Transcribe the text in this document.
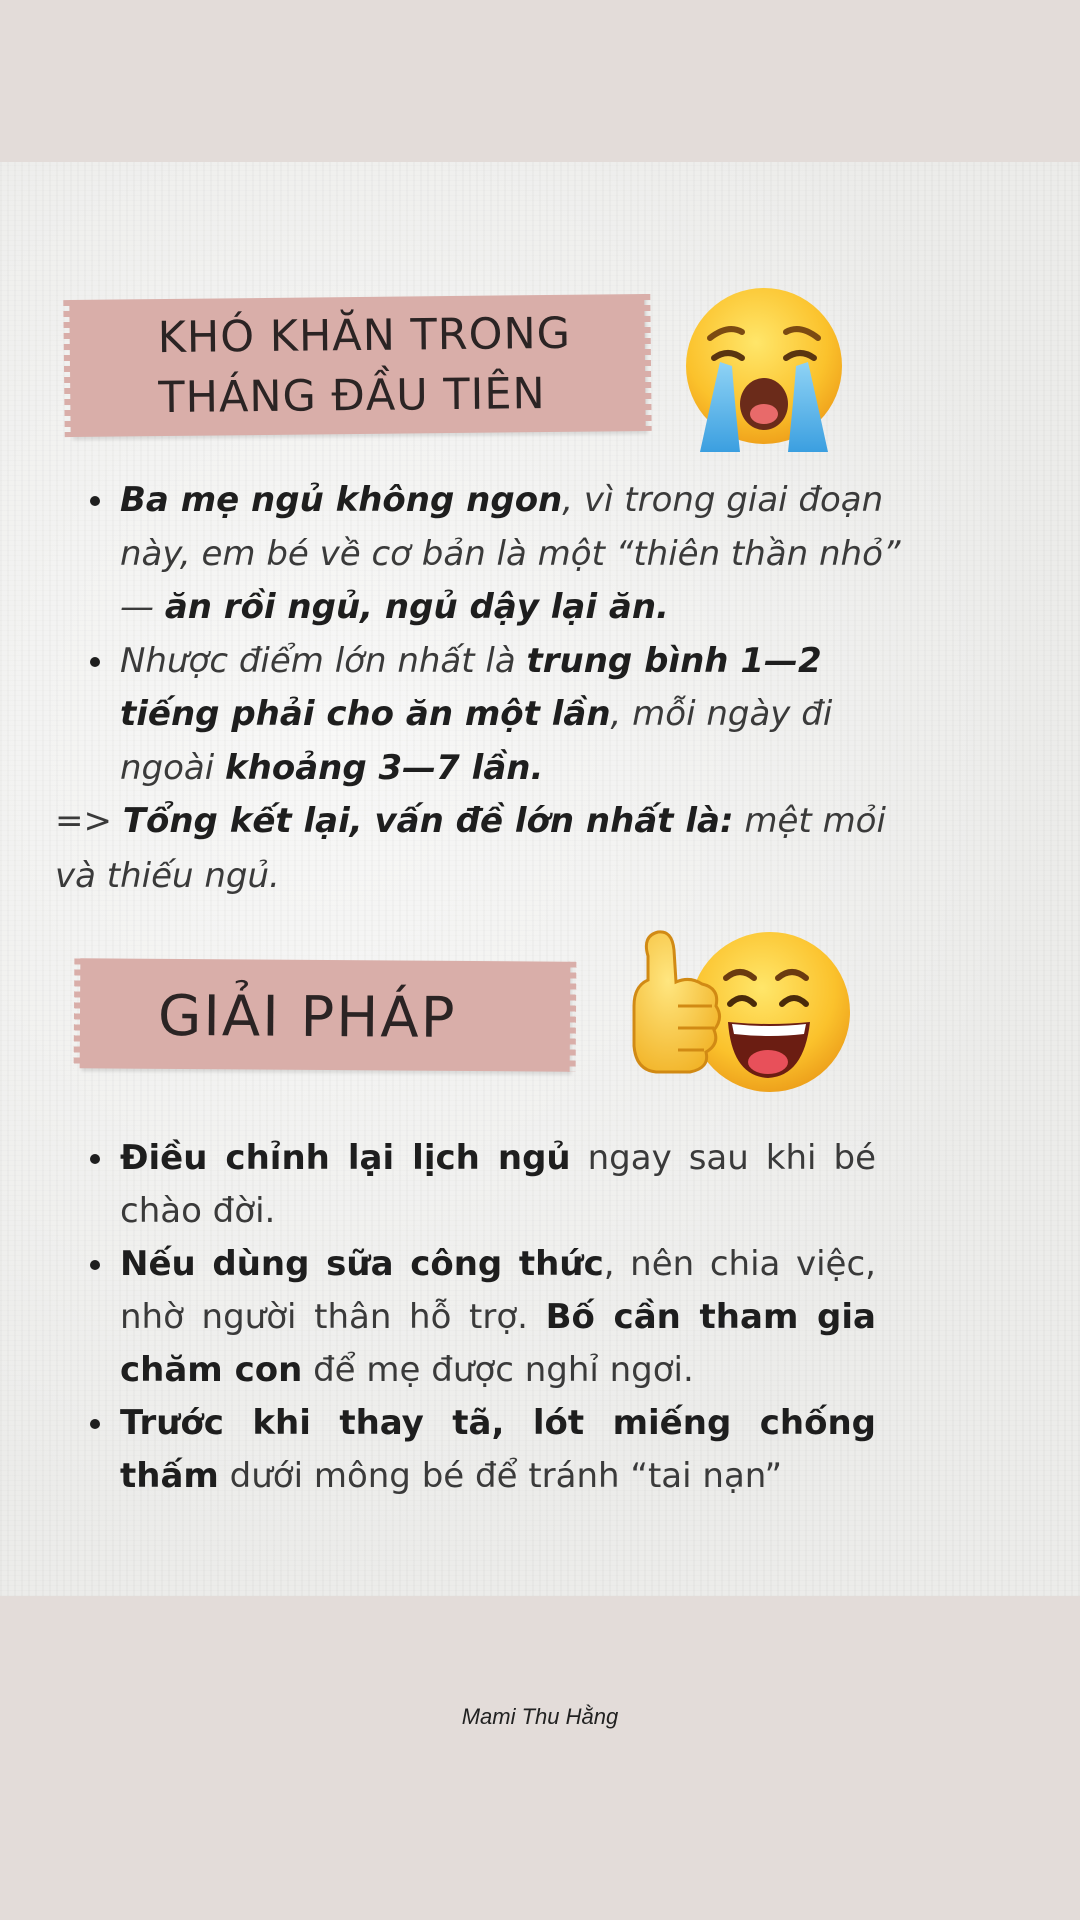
KHÓ KHĂN TRONG
THÁNG ĐẦU TIÊN
Ba mẹ ngủ không ngon, vì trong giai đoạn này, em bé về cơ bản là một “thiên thần nhỏ” — ăn rồi ngủ, ngủ dậy lại ăn.
Nhược điểm lớn nhất là trung bình 1—2 tiếng phải cho ăn một lần, mỗi ngày đi ngoài khoảng 3—7 lần.
=> Tổng kết lại, vấn đề lớn nhất là: mệt mỏi và thiếu ngủ.
GIẢI PHÁP
Điều chỉnh lại lịch ngủ ngay sau khi bé chào đời.
Nếu dùng sữa công thức, nên chia việc, nhờ người thân hỗ trợ. Bố cần tham gia chăm con để mẹ được nghỉ ngơi.
Trước khi thay tã, lót miếng chống thấm dưới mông bé để tránh “tai nạn”
Mami Thu Hằng
